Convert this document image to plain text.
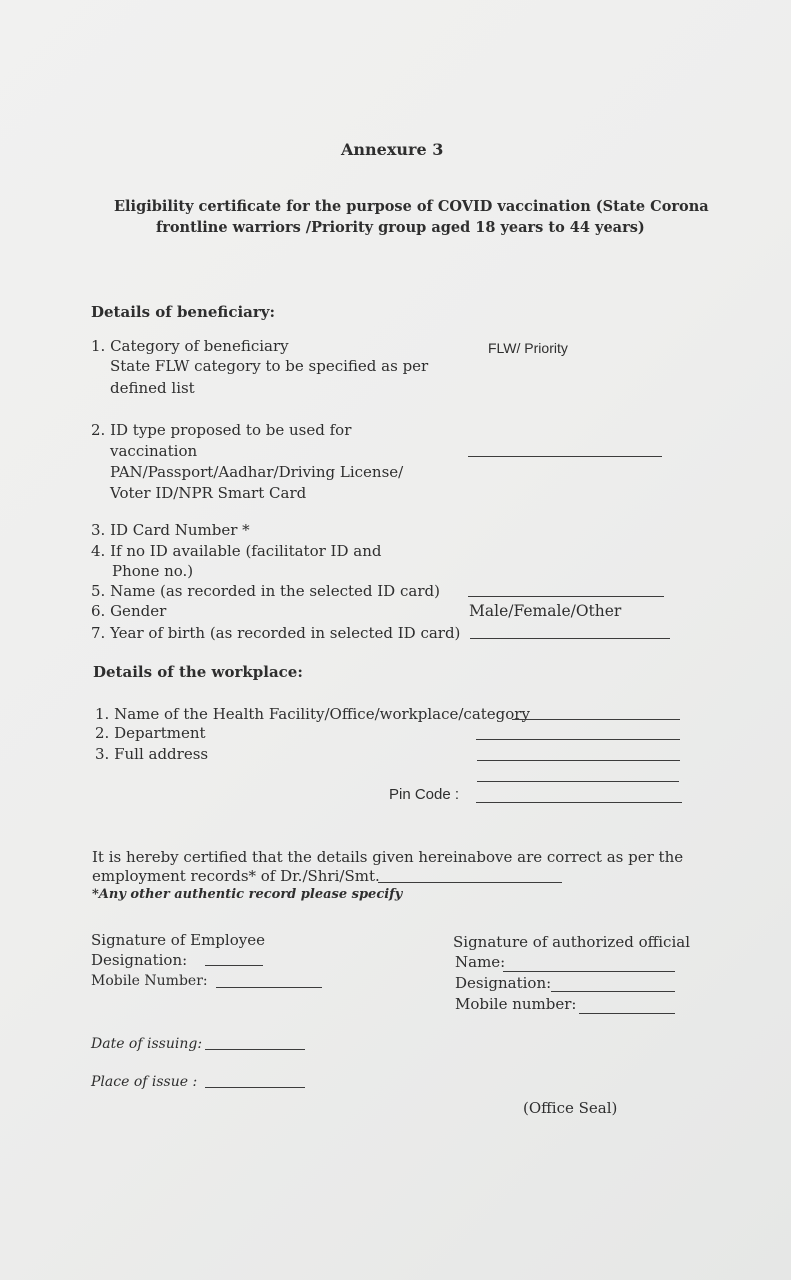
Annexure 3
Eligibility certificate for the purpose of COVID vaccination (State Corona
frontline warriors /Priority group aged 18 years to 44 years)
Details of beneficiary:
1. Category of beneficiary
State FLW category to be specified as per
defined list
FLW/ Priority
2. ID type proposed to be used for
vaccination
PAN/Passport/Aadhar/Driving License/
Voter ID/NPR Smart Card
3. ID Card Number *
4. If no ID available (facilitator ID and
Phone no.)
5. Name (as recorded in the selected ID card)
6. Gender	Male/Female/Other
7. Year of birth (as recorded in selected ID card)
Details of the workplace:
1. Name of the Health Facility/Office/workplace/category
2. Department
3. Full address
Pin Code :
It is hereby certified that the details given hereinabove are correct as per the
employment records* of Dr./Shri/Smt.
*Any other authentic record please specify
Signature of Employee
Designation:
Mobile Number:
Signature of authorized official
Name:
Designation:
Mobile number:
Date of issuing:
Place of issue :
(Office Seal)
